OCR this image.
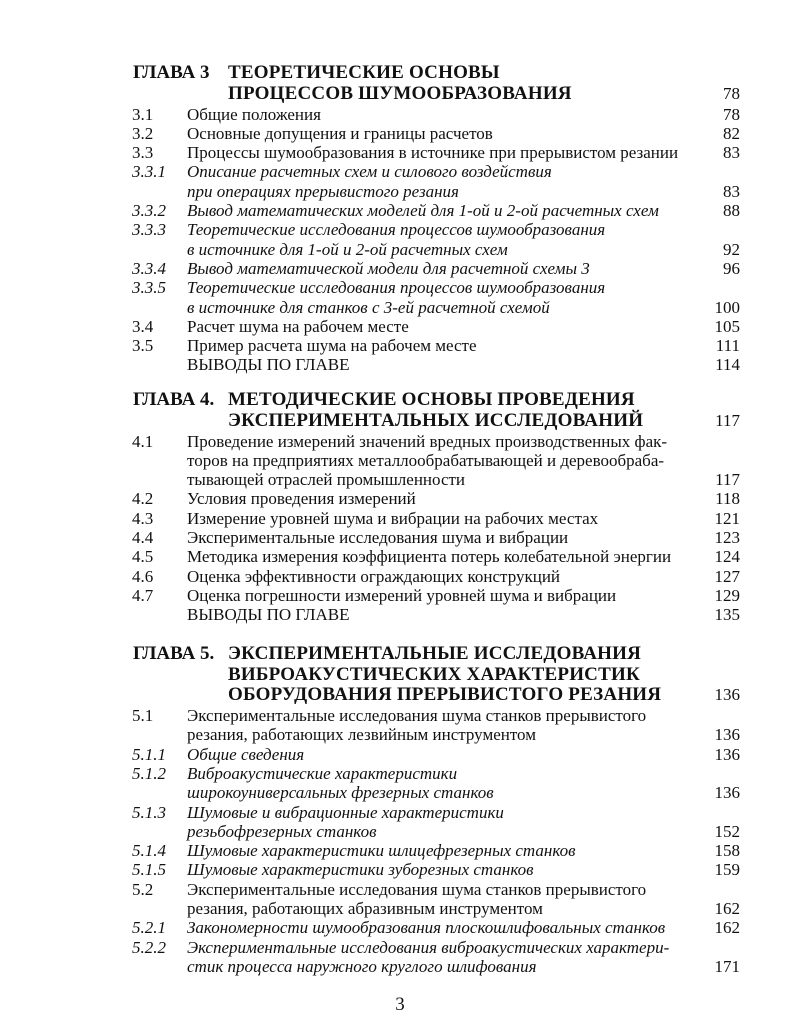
ГЛАВА 3 ТЕОРЕТИЧЕСКИЕ ОСНОВЫ
ПРОЦЕССОВ ШУМООБРАЗОВАНИЯ	78
3.1 Общие положения	78
3.2 Основные допущения и границы расчетов	82
3.3 Процессы шумообразования в источнике при прерывистом резании	83
3.3.1 Описание расчетных схем и силового воздействия
при операциях прерывистого резания	83
3.3.2 Вывод математических моделей для 1-ой и 2-ой расчетных схем	88
3.3.3 Теоретические исследования процессов шумообразования
в источнике для 1-ой и 2-ой расчетных схем	92
3.3.4 Вывод математической модели для расчетной схемы 3	96
3.3.5 Теоретические исследования процессов шумообразования
в источнике для станков с 3-ей расчетной схемой	100
3.4 Расчет шума на рабочем месте	105
3.5 Пример расчета шума на рабочем месте	111
ВЫВОДЫ ПО ГЛАВЕ	114
ГЛАВА 4. МЕТОДИЧЕСКИЕ ОСНОВЫ ПРОВЕДЕНИЯ
ЭКСПЕРИМЕНТАЛЬНЫХ ИССЛЕДОВАНИЙ	117
4.1 Проведение измерений значений вредных производственных фак-
торов на предприятиях металлообрабатывающей и деревообраба-
тывающей отраслей промышленности	117
4.2 Условия проведения измерений	118
4.3 Измерение уровней шума и вибрации на рабочих местах	121
4.4 Экспериментальные исследования шума и вибрации	123
4.5 Методика измерения коэффициента потерь колебательной энергии	124
4.6 Оценка эффективности ограждающих конструкций	127
4.7 Оценка погрешности измерений уровней шума и вибрации	129
ВЫВОДЫ ПО ГЛАВЕ	135
ГЛАВА 5. ЭКСПЕРИМЕНТАЛЬНЫЕ ИССЛЕДОВАНИЯ
ВИБРОАКУСТИЧЕСКИХ ХАРАКТЕРИСТИК
ОБОРУДОВАНИЯ ПРЕРЫВИСТОГО РЕЗАНИЯ	136
5.1 Экспериментальные исследования шума станков прерывистого
резания, работающих лезвийным инструментом	136
5.1.1 Общие сведения	136
5.1.2 Виброакустические характеристики
широкоуниверсальных фрезерных станков	136
5.1.3 Шумовые и вибрационные характеристики
резьбофрезерных станков	152
5.1.4 Шумовые характеристики шлицефрезерных станков	158
5.1.5 Шумовые характеристики зуборезных станков	159
5.2 Экспериментальные исследования шума станков прерывистого
резания, работающих абразивным инструментом	162
5.2.1 Закономерности шумообразования плоскошлифовальных станков	162
5.2.2 Экспериментальные исследования виброакустических характери-
стик процесса наружного круглого шлифования	171
3
